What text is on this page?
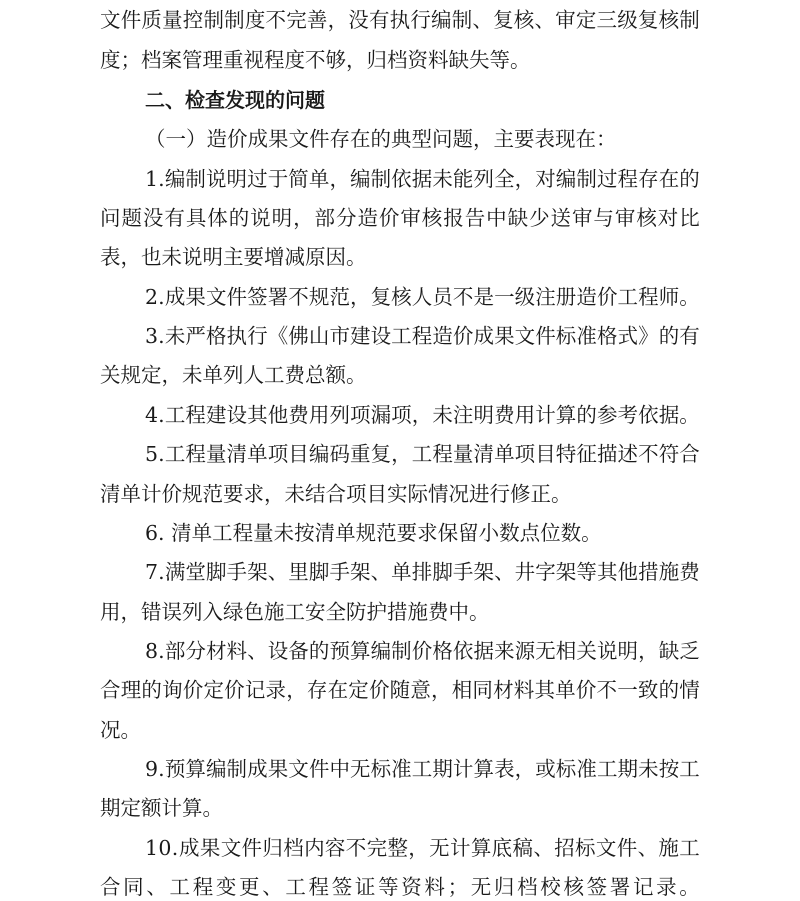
文 件 质 量 控 制 制 度 不 完 善 ， 没 有 执 行 编 制 、 复 核 、 审 定 三 级 复 核 制
度；档案管理重视程度不够，归档资料缺失等。
二、检查发现的问题
（一）造价成果文件存在的典型问题，主要表现在：
1 . 编 制 说 明 过 于 简 单 ， 编 制 依 据 未 能 列 全 ， 对 编 制 过 程 存 在 的
问 题 没 有 具 体 的 说 明 ， 部 分 造 价 审 核 报 告 中 缺 少 送 审 与 审 核 对 比
表，也未说明主要增减原因。
2 . 成 果 文 件 签 署 不 规 范 ， 复 核 人 员 不 是 一 级 注 册 造 价 工 程 师 。
3 . 未 严 格 执 行 《 佛 山 市 建 设 工 程 造 价 成 果 文 件 标 准 格 式 》 的 有
关规定，未单列人工费总额。
4 . 工 程 建 设 其 他 费 用 列 项 漏 项 ， 未 注 明 费 用 计 算 的 参 考 依 据 。
5 . 工 程 量 清 单 项 目 编 码 重 复 ， 工 程 量 清 单 项 目 特 征 描 述 不 符 合
清单计价规范要求，未结合项目实际情况进行修正。
6. 清单工程量未按清单规范要求保留小数点位数。
7 . 满 堂 脚 手 架 、 里 脚 手 架 、 单 排 脚 手 架 、 井 字 架 等 其 他 措 施 费
用，错误列入绿色施工安全防护措施费中。
8 . 部 分 材 料 、 设 备 的 预 算 编 制 价 格 依 据 来 源 无 相 关 说 明 ， 缺 乏
合 理 的 询 价 定 价 记 录 ， 存 在 定 价 随 意 ， 相 同 材 料 其 单 价 不 一 致 的 情
况。
9 . 预 算 编 制 成 果 文 件 中 无 标 准 工 期 计 算 表 ， 或 标 准 工 期 未 按 工
期定额计算。
1 0 . 成 果 文 件 归 档 内 容 不 完 整 ， 无 计 算 底 稿 、 招 标 文 件 、 施 工
合 同 、 工 程 变 更 、 工 程 签 证 等 资 料 ； 无 归 档 校 核 签 署 记 录 。
